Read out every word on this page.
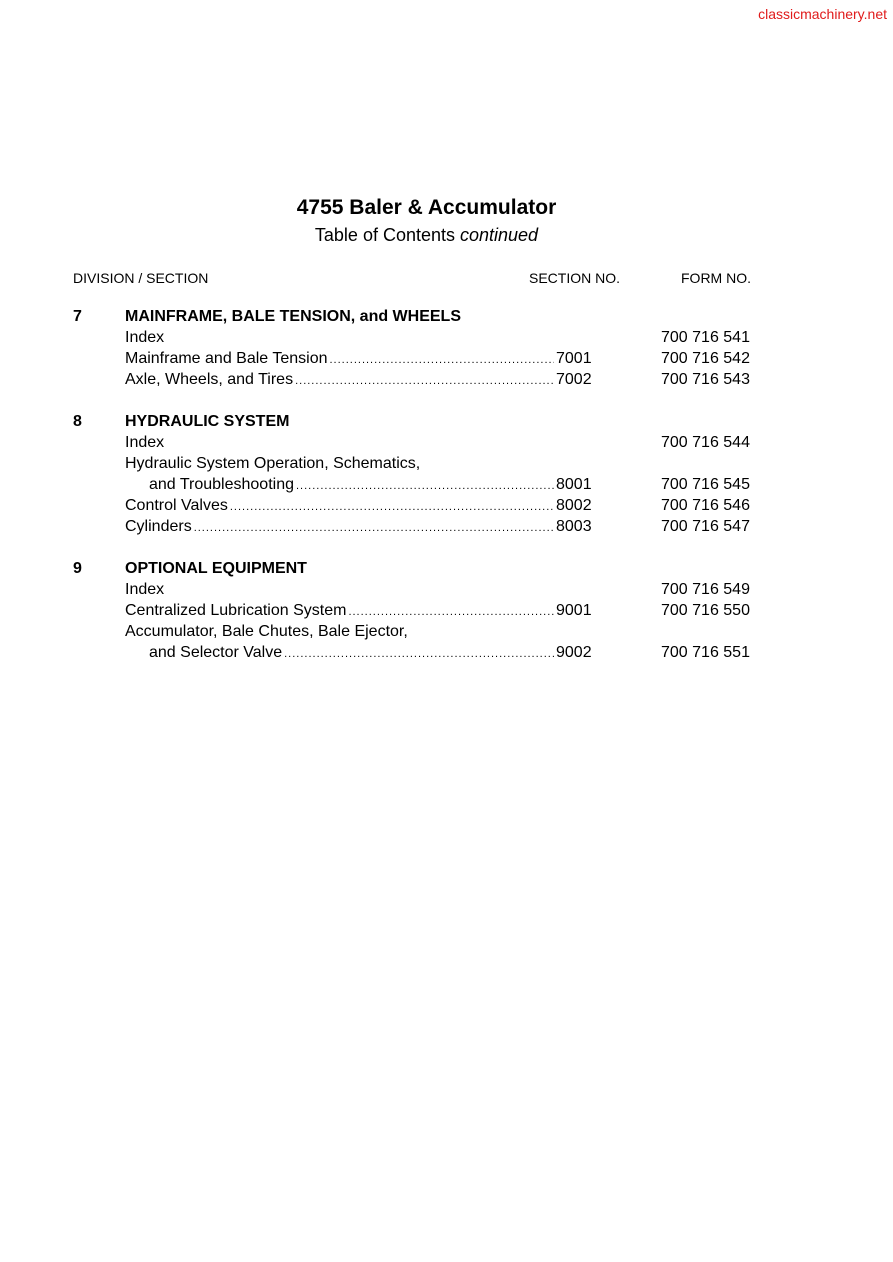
classicmachinery.net
4755 Baler & Accumulator
Table of Contents continued
DIVISION / SECTION	SECTION NO.	FORM NO.
7	MAINFRAME, BALE TENSION, and WHEELS
Index	700 716 541
Mainframe and Bale Tension .....	7001	700 716 542
Axle, Wheels, and Tires .....	7002	700 716 543
8	HYDRAULIC SYSTEM
Index	700 716 544
Hydraulic System Operation, Schematics,
and Troubleshooting .....	8001	700 716 545
Control Valves .....	8002	700 716 546
Cylinders .....	8003	700 716 547
9	OPTIONAL EQUIPMENT
Index	700 716 549
Centralized Lubrication System .....	9001	700 716 550
Accumulator, Bale Chutes, Bale Ejector,
and Selector Valve .....	9002	700 716 551
